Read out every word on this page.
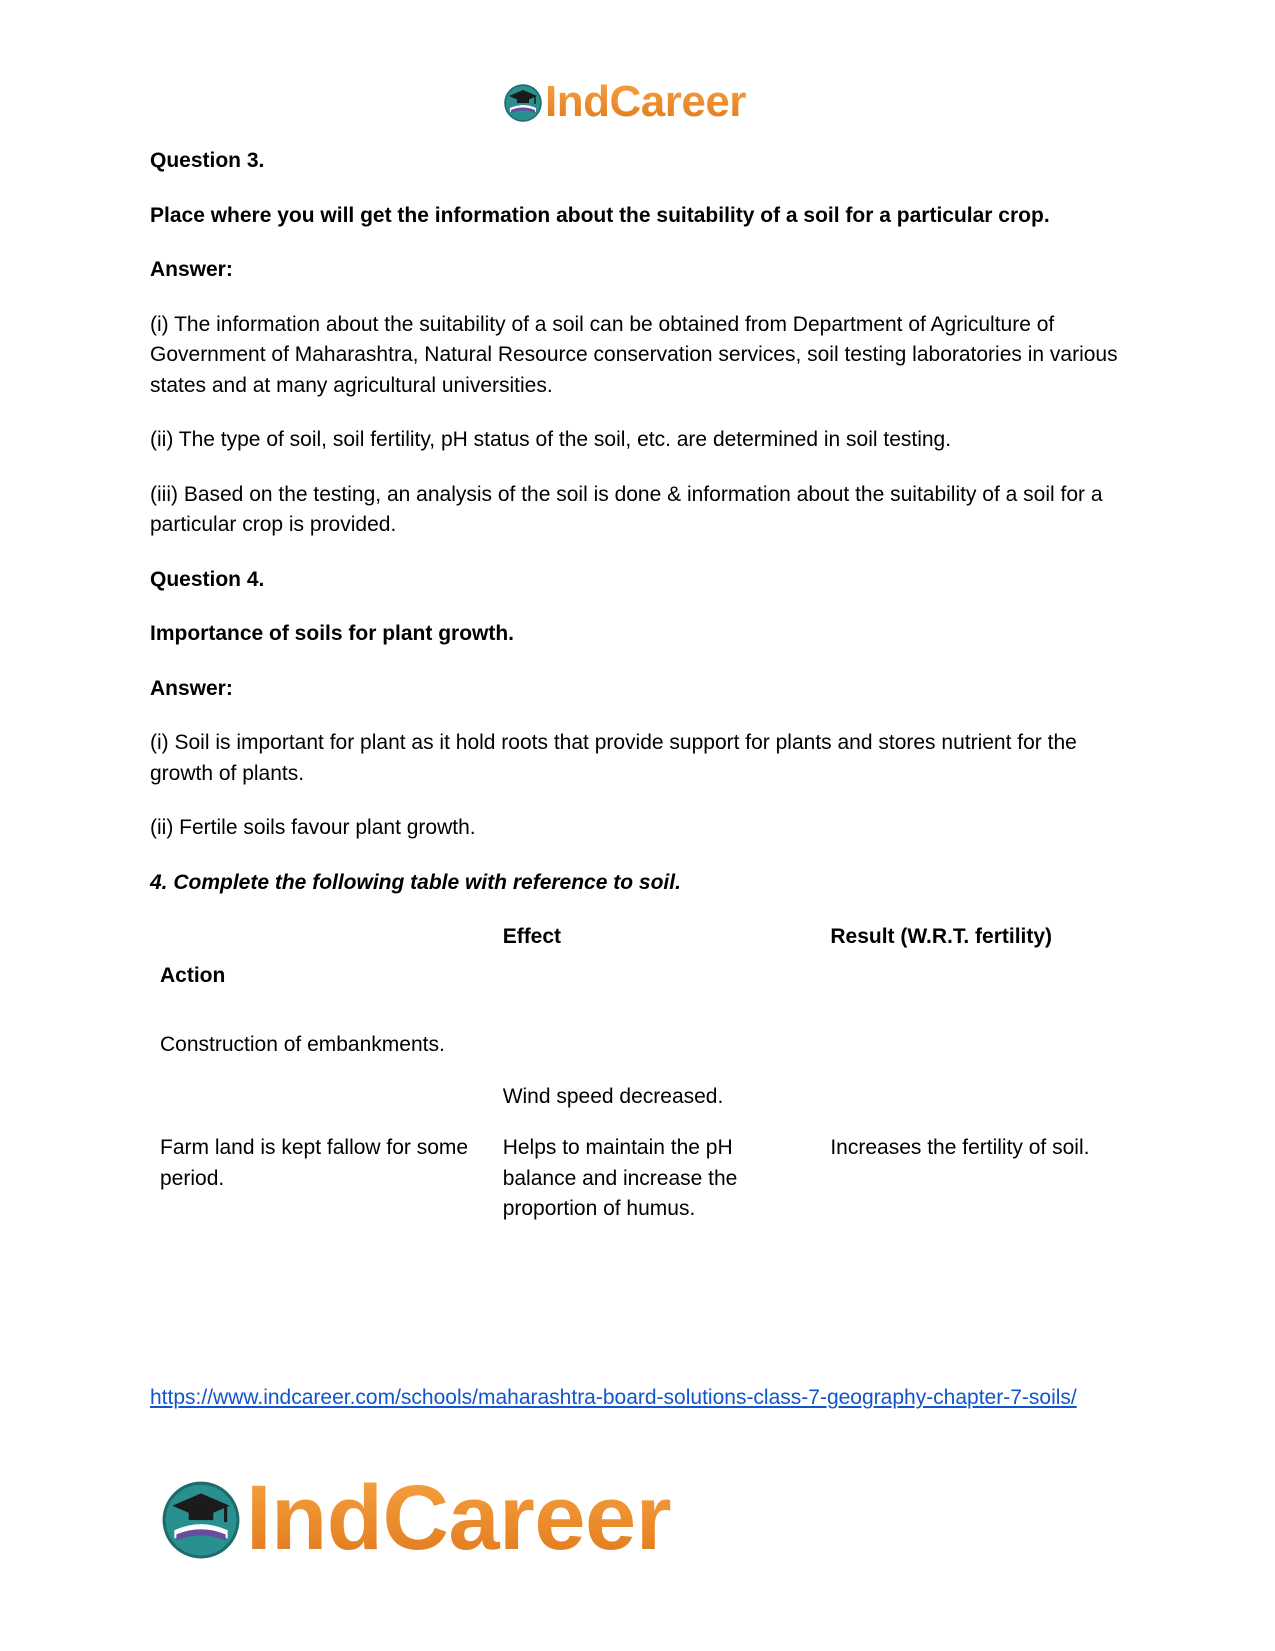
IndCareer
Question 3.
Place where you will get the information about the suitability of a soil for a particular crop.
Answer:
(i) The information about the suitability of a soil can be obtained from Department of Agriculture of Government of Maharashtra, Natural Resource conservation services, soil testing laboratories in various states and at many agricultural universities.
(ii) The type of soil, soil fertility, pH status of the soil, etc. are determined in soil testing.
(iii) Based on the testing, an analysis of the soil is done & information about the suitability of a soil for a particular crop is provided.
Question 4.
Importance of soils for plant growth.
Answer:
(i) Soil is important for plant as it hold roots that provide support for plants and stores nutrient for the growth of plants.
(ii) Fertile soils favour plant growth.
4. Complete the following table with reference to soil.
Action	Effect	Result (W.R.T. fertility)
Construction of embankments.		
	Wind speed decreased.	
Farm land is kept fallow for some period.	Helps to maintain the pH balance and increase the proportion of humus.	Increases the fertility of soil.
https://www.indcareer.com/schools/maharashtra-board-solutions-class-7-geography-chapter-7-soils/
IndCareer
